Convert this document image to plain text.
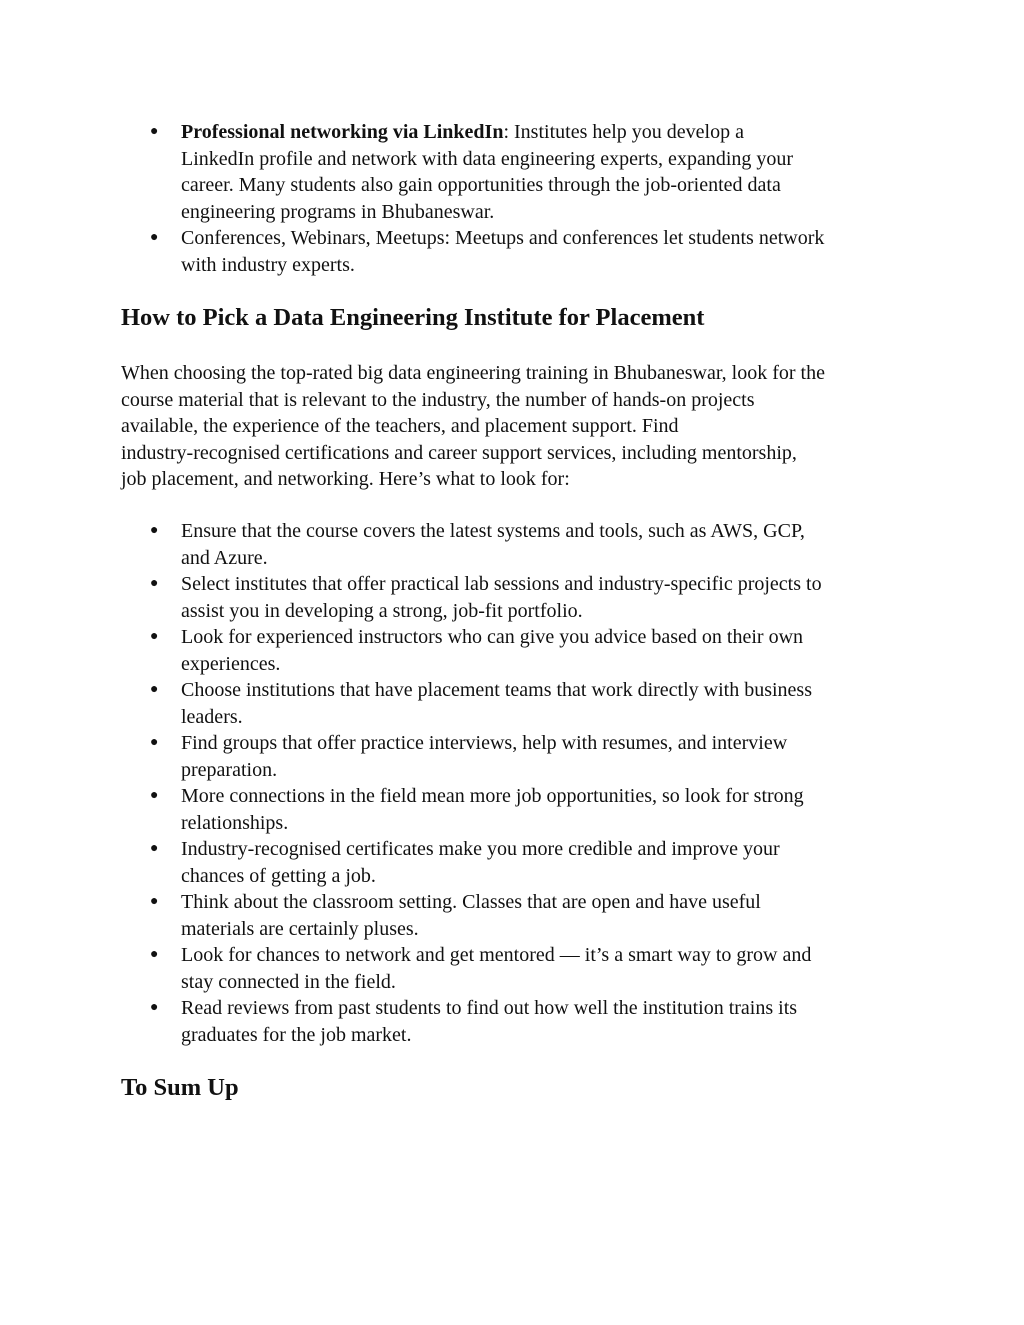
● Professional networking via LinkedIn: Institutes help you develop a
LinkedIn profile and network with data engineering experts, expanding your
career. Many students also gain opportunities through the job-oriented data
engineering programs in Bhubaneswar.
● Conferences, Webinars, Meetups: Meetups and conferences let students network
with industry experts.
How to Pick a Data Engineering Institute for Placement
When choosing the top-rated big data engineering training in Bhubaneswar, look for the
course material that is relevant to the industry, the number of hands-on projects
available, the experience of the teachers, and placement support. Find
industry-recognised certifications and career support services, including mentorship,
job placement, and networking. Here’s what to look for:
● Ensure that the course covers the latest systems and tools, such as AWS, GCP,
and Azure.
● Select institutes that offer practical lab sessions and industry-specific projects to
assist you in developing a strong, job-fit portfolio.
● Look for experienced instructors who can give you advice based on their own
experiences.
● Choose institutions that have placement teams that work directly with business
leaders.
● Find groups that offer practice interviews, help with resumes, and interview
preparation.
● More connections in the field mean more job opportunities, so look for strong
relationships.
● Industry-recognised certificates make you more credible and improve your
chances of getting a job.
● Think about the classroom setting. Classes that are open and have useful
materials are certainly pluses.
● Look for chances to network and get mentored — it’s a smart way to grow and
stay connected in the field.
● Read reviews from past students to find out how well the institution trains its
graduates for the job market.
To Sum Up
